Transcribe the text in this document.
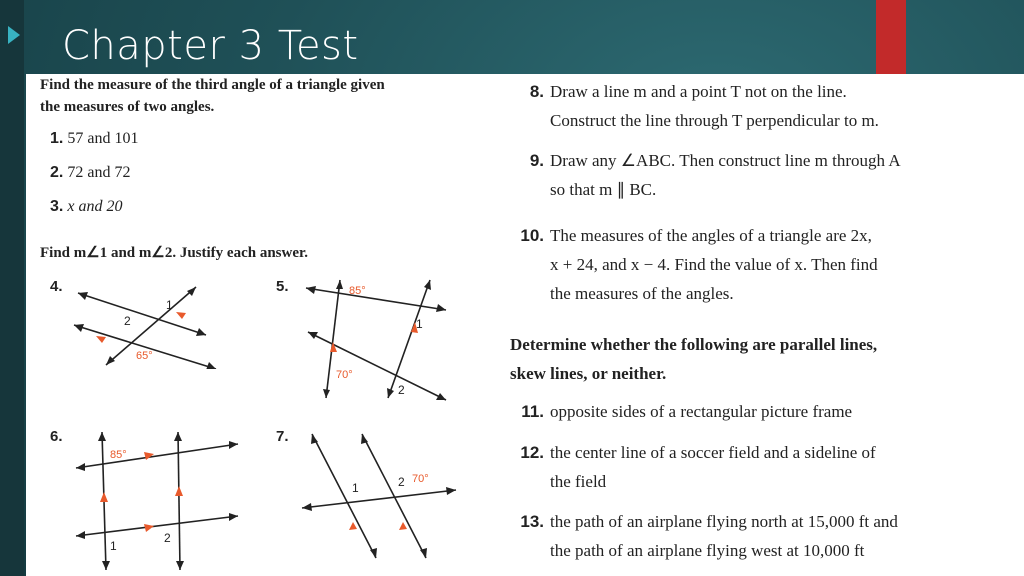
Chapter 3 Test
Find the measure of the third angle of a triangle given
the measures of two angles.
1. 57 and 101
2. 72 and 72
3. x and 20
Find m∠1 and m∠2. Justify each answer.
4.
1
2
65°
5.	85°
1
70°
2
6.
85°
1
2
7.
1	2 70°
8. Draw a line m and a point T not on the line.
Construct the line through T perpendicular to m.
9. Draw any ∠ABC. Then construct line m through A
so that m ∥ BC.
10. The measures of the angles of a triangle are 2x,
x + 24, and x − 4. Find the value of x. Then find
the measures of the angles.
Determine whether the following are parallel lines,
skew lines, or neither.
11. opposite sides of a rectangular picture frame
12. the center line of a soccer field and a sideline of
the field
13. the path of an airplane flying north at 15,000 ft and
the path of an airplane flying west at 10,000 ft
